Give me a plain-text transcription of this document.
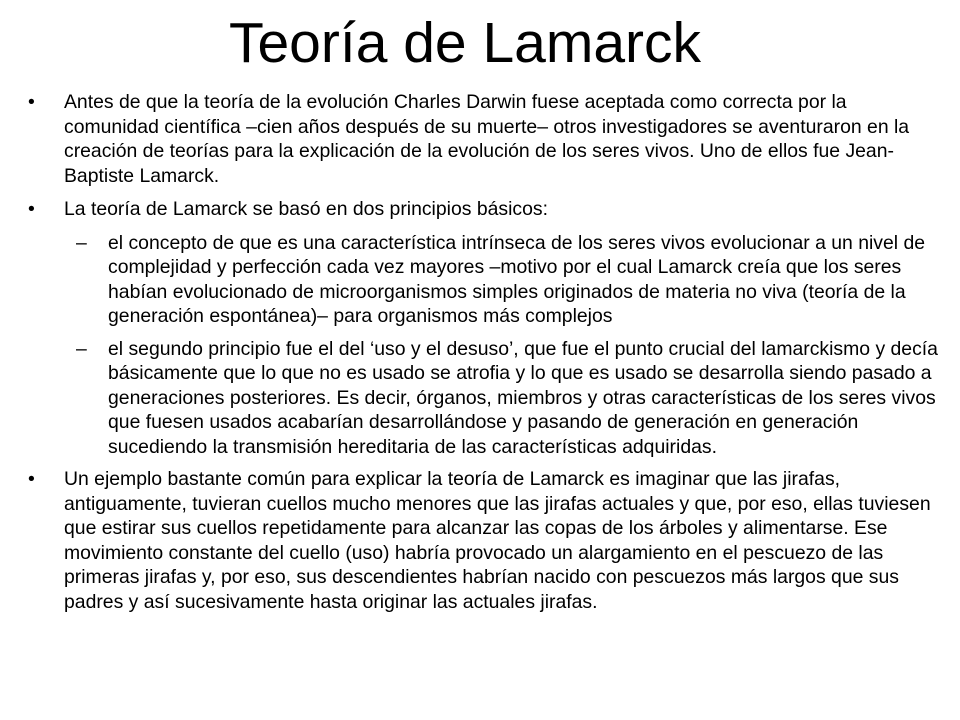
Teoría de Lamarck
•	Antes de que la teoría de la evolución Charles Darwin fuese aceptada como correcta por la comunidad científica –cien años después de su muerte– otros investigadores se aventuraron en la creación de teorías para la explicación de la evolución de los seres vivos. Uno de ellos fue Jean-Baptiste Lamarck.
•	La teoría de Lamarck se basó en dos principios básicos:
– el concepto de que es una característica intrínseca de los seres vivos evolucionar a un nivel de complejidad y perfección cada vez mayores –motivo por el cual Lamarck creía que los seres habían evolucionado de microorganismos simples originados de materia no viva (teoría de la generación espontánea)– para organismos más complejos
– el segundo principio fue el del ‘uso y el desuso’, que fue el punto crucial del lamarckismo y decía básicamente que lo que no es usado se atrofia y lo que es usado se desarrolla siendo pasado a generaciones posteriores. Es decir, órganos, miembros y otras características de los seres vivos que fuesen usados acabarían desarrollándose y pasando de generación en generación sucediendo la transmisión hereditaria de las características adquiridas.
•	Un ejemplo bastante común para explicar la teoría de Lamarck es imaginar que las jirafas, antiguamente, tuvieran cuellos mucho menores que las jirafas actuales y que, por eso, ellas tuviesen que estirar sus cuellos repetidamente para alcanzar las copas de los árboles y alimentarse. Ese movimiento constante del cuello (uso) habría provocado un alargamiento en el pescuezo de las primeras jirafas y, por eso, sus descendientes habrían nacido con pescuezos más largos que sus padres y así sucesivamente hasta originar las actuales jirafas.
